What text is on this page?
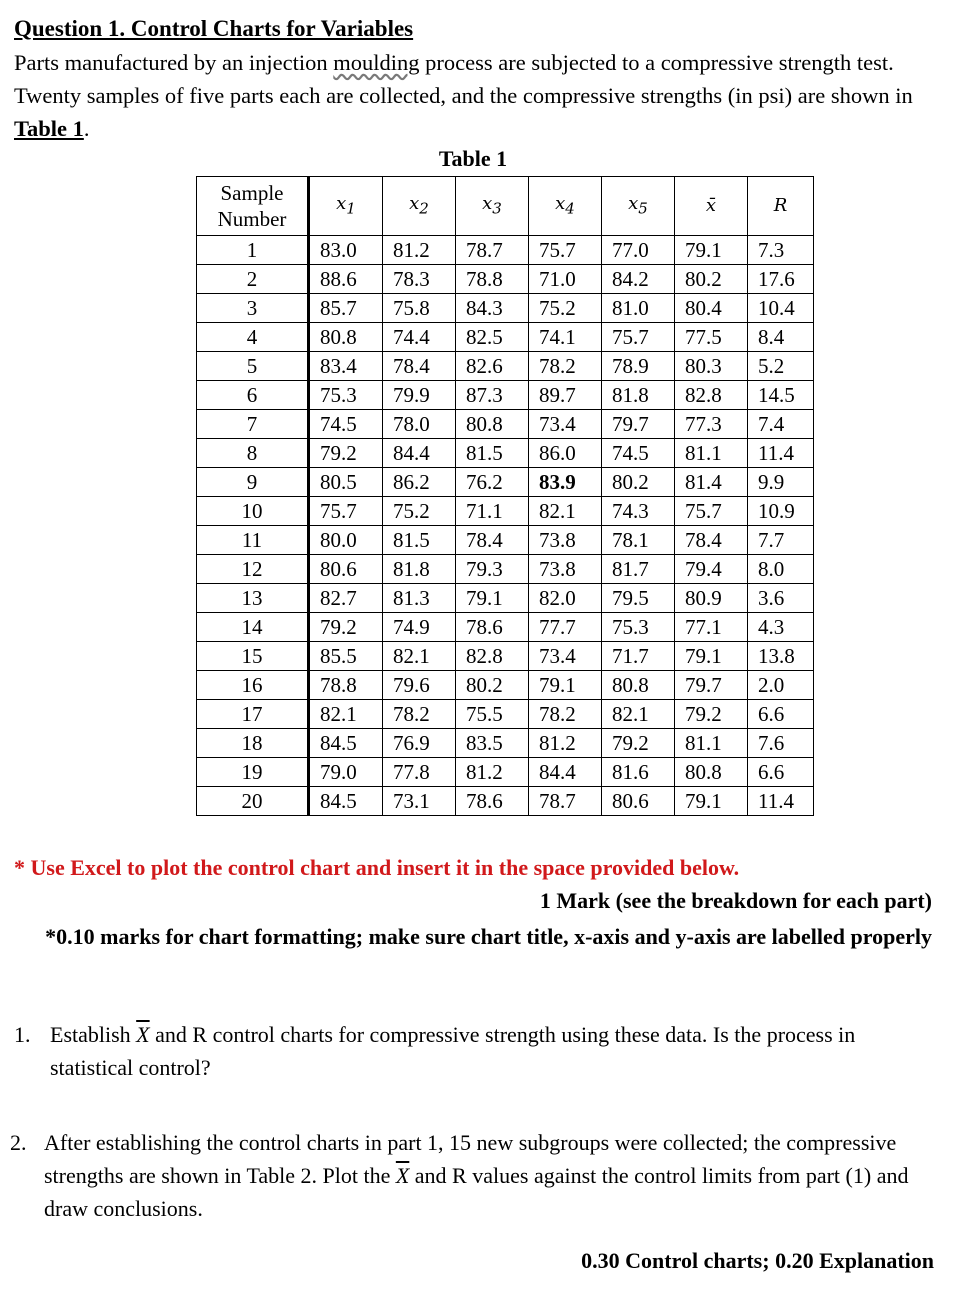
Question 1. Control Charts for Variables
Parts manufactured by an injection moulding process are subjected to a compressive strength test. Twenty samples of five parts each are collected, and the compressive strengths (in psi) are shown in Table 1.
Table 1
Sample
Number	$x_1$	$x_2$	$x_3$	$x_4$	$x_5$	x̄	R
1	83.0	81.2	78.7	75.7	77.0	79.1	7.3
2	88.6	78.3	78.8	71.0	84.2	80.2	17.6
3	85.7	75.8	84.3	75.2	81.0	80.4	10.4
4	80.8	74.4	82.5	74.1	75.7	77.5	8.4
5	83.4	78.4	82.6	78.2	78.9	80.3	5.2
6	75.3	79.9	87.3	89.7	81.8	82.8	14.5
7	74.5	78.0	80.8	73.4	79.7	77.3	7.4
8	79.2	84.4	81.5	86.0	74.5	81.1	11.4
9	80.5	86.2	76.2	83.9	80.2	81.4	9.9
10	75.7	75.2	71.1	82.1	74.3	75.7	10.9
11	80.0	81.5	78.4	73.8	78.1	78.4	7.7
12	80.6	81.8	79.3	73.8	81.7	79.4	8.0
13	82.7	81.3	79.1	82.0	79.5	80.9	3.6
14	79.2	74.9	78.6	77.7	75.3	77.1	4.3
15	85.5	82.1	82.8	73.4	71.7	79.1	13.8
16	78.8	79.6	80.2	79.1	80.8	79.7	2.0
17	82.1	78.2	75.5	78.2	82.1	79.2	6.6
18	84.5	76.9	83.5	81.2	79.2	81.1	7.6
19	79.0	77.8	81.2	84.4	81.6	80.8	6.6
20	84.5	73.1	78.6	78.7	80.6	79.1	11.4
* Use Excel to plot the control chart and insert it in the space provided below.
1 Mark (see the breakdown for each part)
*0.10 marks for chart formatting; make sure chart title, x-axis and y-axis are labelled properly
1. Establish $\overline{X}$ and R control charts for compressive strength using these data. Is the process in statistical control?
2. After establishing the control charts in part 1, 15 new subgroups were collected; the compressive strengths are shown in Table 2. Plot the $\overline{X}$ and R values against the control limits from part (1) and draw conclusions.
0.30 Control charts; 0.20 Explanation
